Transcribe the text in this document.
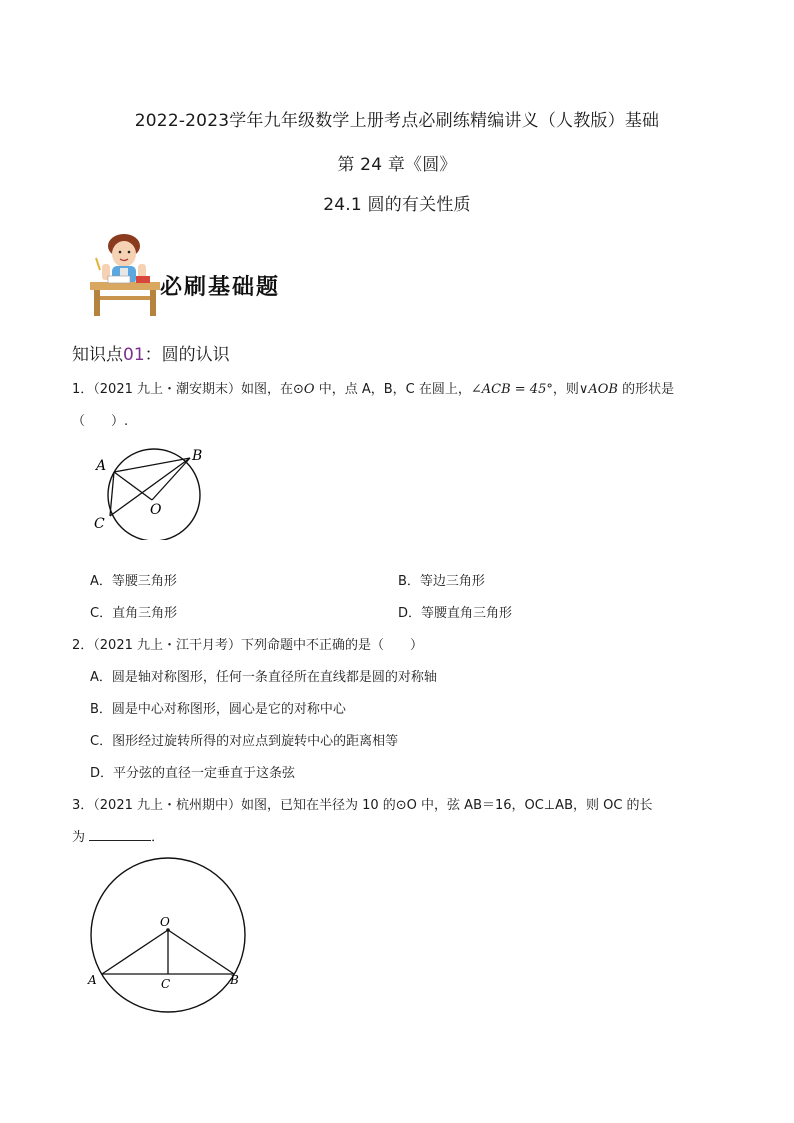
2022-2023学年九年级数学上册考点必刷练精编讲义（人教版）基础
第 24 章《圆》
24.1 圆的有关性质
必刷基础题
知识点01：圆的认识
1．（2021 九上・潮安期末）如图，在⊙O 中，点 A，B，C 在圆上，∠ACB = 45°，则∨AOB 的形状是
（　　）.
A
B
C
O
A．等腰三角形	B．等边三角形
C．直角三角形	D．等腰直角三角形
2．（2021 九上・江干月考）下列命题中不正确的是（　　）
A．圆是轴对称图形，任何一条直径所在直线都是圆的对称轴
B．圆是中心对称图形，圆心是它的对称中心
C．图形经过旋转所得的对应点到旋转中心的距离相等
D．平分弦的直径一定垂直于这条弦
3．（2021 九上・杭州期中）如图，已知在半径为 10 的⊙O 中，弦 AB＝16，OC⊥AB，则 OC 的长
为	．
O
A	B
C
